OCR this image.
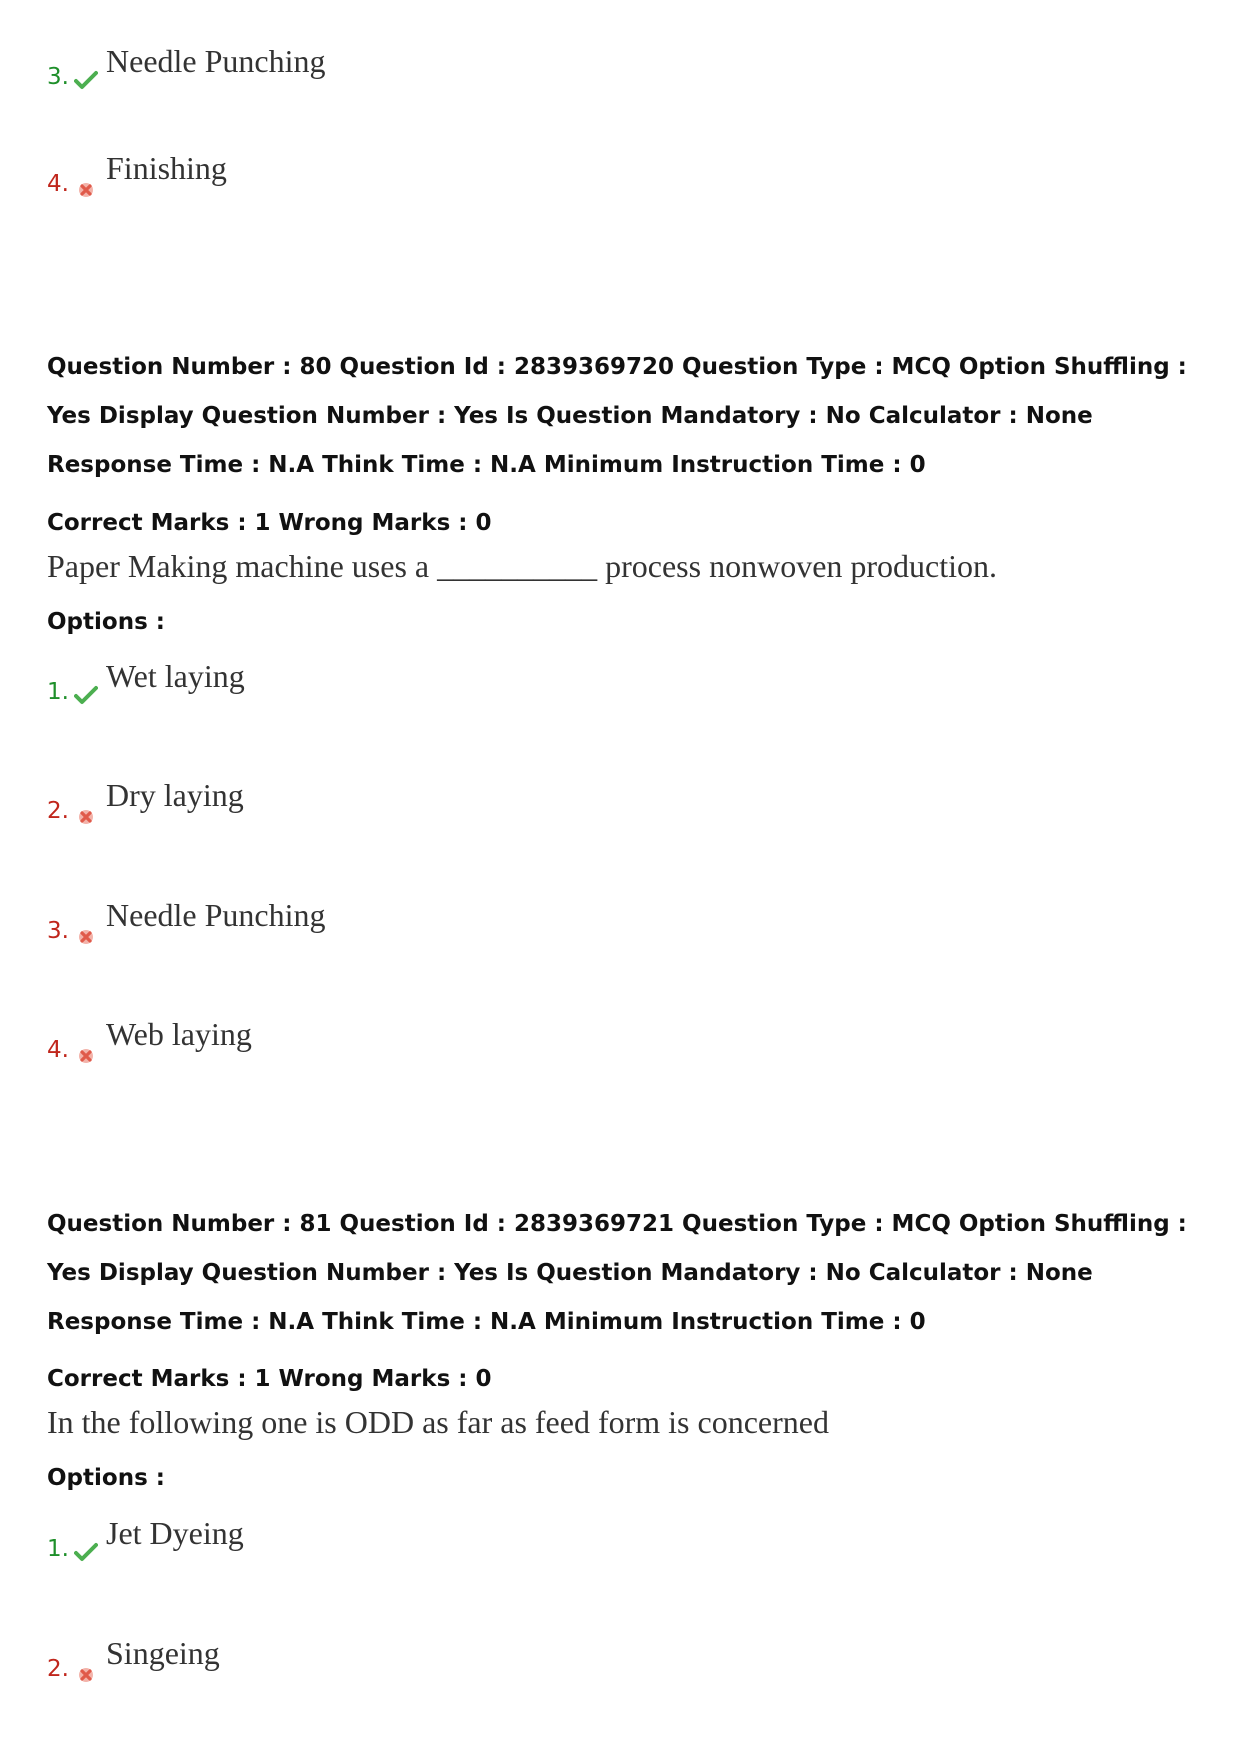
3. Needle Punching
4. Finishing
Question Number : 80 Question Id : 2839369720 Question Type : MCQ Option Shuffling : Yes Display Question Number : Yes Is Question Mandatory : No Calculator : None Response Time : N.A Think Time : N.A Minimum Instruction Time : 0
Correct Marks : 1 Wrong Marks : 0
Paper Making machine uses a __________ process nonwoven production.
Options :
1. Wet laying
2. Dry laying
3. Needle Punching
4. Web laying
Question Number : 81 Question Id : 2839369721 Question Type : MCQ Option Shuffling : Yes Display Question Number : Yes Is Question Mandatory : No Calculator : None Response Time : N.A Think Time : N.A Minimum Instruction Time : 0
Correct Marks : 1 Wrong Marks : 0
In the following one is ODD as far as feed form is concerned
Options :
1. Jet Dyeing
2. Singeing
